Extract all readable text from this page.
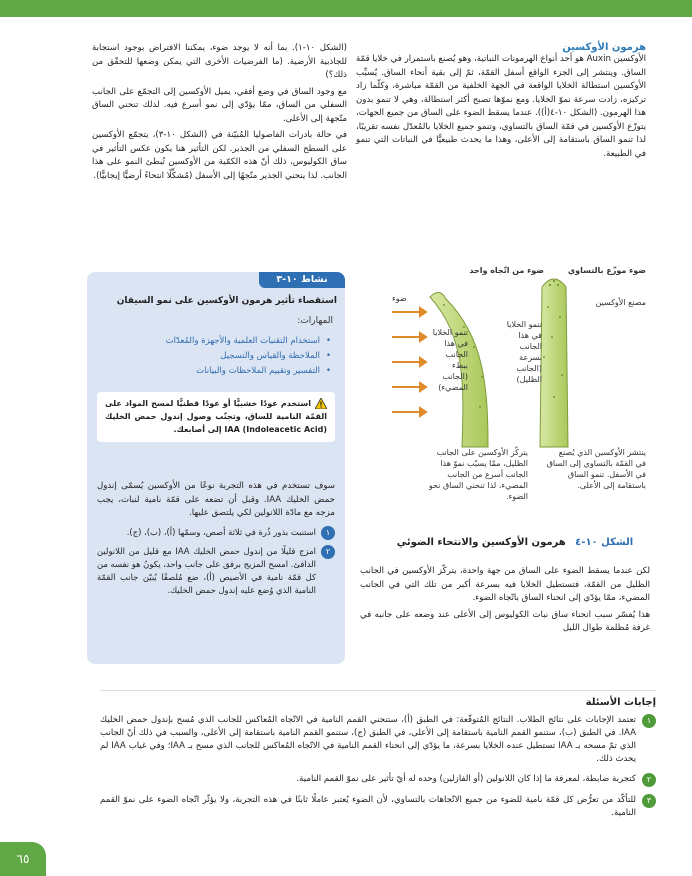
هرمون الأوكسين

الأوكسين Auxin هو أحد أنواع الهرمونات النباتية، وهو يُصنع باستمرار في خلايا قمّة الساق. وينتشر إلى الجزء الواقع أسفل القمّة، ثمّ إلى بقية أنحاء الساق. يُسبِّب الأوكسين استطالة الخلايا الواقعة في الجهة الخلفية من القمّة مباشرة، وكلّما زاد تركيزه، زادت سرعة نموّ الخلايا. ومع نموّها تصبح أكثر استطالة، وهي لا تنمو بدون هذا الهرمون. (الشكل ١٠-٤(أ)). عندما يسقط الضوء على الساق من جميع الجهات، يتوزّع الأوكسين في قمّة الساق بالتساوي، وتنمو جميع الخلايا بالمُعدّل نفسه تقريبًا، لذا تنمو الساق باستقامة إلى الأعلى، وهذا ما يحدث طبيعيًّا في النباتات التي تنمو في الطبيعة.

(الشكل ١٠-١). بما أنه لا يوجد ضوء، يمكننا الافتراض بوجود استجابة للجاذبية الأرضية. (ما الفرضيات الأخرى التي يمكن وضعها للتحقّق من ذلك؟)

مع وجود الساق في وضع أفقي، يميل الأوكسين إلى التجمّع على الجانب السفلي من الساق، ممّا يؤدّي إلى نمو أسرع فيه. لذلك تنحني الساق متّجهة إلى الأعلى.

في حالة بادرات الفاصوليا المُبيّنة في (الشكل ١٠-٣)، يتجمّع الأوكسين على السطح السفلي من الجذير. لكن التأثير هنا يكون عكس التأثير في ساق الكوليوس، ذلك أنّ هذه الكمّية من الأوكسين تُبطئ النمو على هذا الجانب. لذا ينحني الجذير متّجهًا إلى الأسفل (مُشكِّلًا انتحاءً أرضيًّا إيجابيًّا).

نشاط ١٠-٣
استقصاء تأثير هرمون الأوكسين على نمو السيقان
المهارات:
• استخدام التقنيات العلمية والأجهزة والمُعدّات
• الملاحظة والقياس والتسجيل
• التفسير وتقييم الملاحظات والبيانات
استخدم عودًا خشبيًّا أو عودًا قطنيًّا لمسح المواد على القمّة النامية للساق، وتجنّب وصول إندول حمض الخليك (Indoleacetic Acid) IAA إلى أصابعك.

سوف تستخدم في هذه التجربة نوعًا من الأوكسين يُسمّى إندول حمض الخليك IAA. وقبل أن تضعه على قمّة نامية لنبات، يجب مزجه مع مادّة اللانولين لكي يلتصق عليها.

١
استنبت بذور ذُرة في ثلاثة أصص، وسمّها (أ)، (ب)، (ج).
٢
امزج قليلًا من إندول حمض الخليك IAA مع قليل من اللانولين الدافئ. امسح المزيج برفق على جانب واحد، يكونُ هو نفسه من كل قمّة نامية في الأصيص (أ)، ضع مُلصقًا يُبيّن جانب القمّة النامية الذي وُضع عليه إندول حمض الخليك.
ضوء موزّع بالتساوي
ضوء من اتّجاه واحد
ضوء	مصنع الأوكسين
تنمو الخلايا في هذا الجانب بسرعة (الجانب الظليل)
تنمو الخلايا في هذا الجانب ببطء (الجانب المضيء)
ينتشر الأوكسين الذي يُصنع في القمّة بالتساوي إلى الساق في الأسفل. تنمو الساق باستقامة إلى الأعلى.
يتركّز الأوكسين على الجانب الظليل، ممّا يسبّب نموّ هذا الجانب أسرع من الجانب المضيء، لذا تنحني الساق نحو الضوء.
الشكل ١٠-٤ هرمون الأوكسين والانتحاء الضوئي

لكن عندما يسقط الضوء على الساق من جهة واحدة، يتركّز الأوكسين في الجانب الظليل من القمّة، فتستطيل الخلايا فيه بسرعة أكبر من تلك التي في الجانب المضيء، ممّا يؤدّي إلى انحناء الساق باتّجاه الضوء.

هذا يُفسّر سبب انحناء ساق نبات الكوليوس إلى الأعلى عند وضعه على جانبه في غرفة مُظلمة طوال الليل

إجابات الأسئلة
١
تعتمد الإجابات على نتائج الطلاب. النتائج المُتوقّعة: في الطبق (أ)، ستنحني القمم النامية في الاتّجاه المُعاكس للجانب الذي مُسح بإندول حمض الخليك IAA. في الطبق (ب)، ستنمو القمم النامية باستقامة إلى الأعلى، في الطبق (ج)، ستنمو القمم النامية باستقامة إلى الأعلى، والسبب في ذلك أنّ الجانب الذي تمّ مسحه بـ IAA تستطيل عنده الخلايا بسرعة، ما يؤدّي إلى انحناء القمم النامية في الاتّجاه المُعاكس للجانب الذي مسح بـ IAA؛ وفي غياب IAA لم يحدث ذلك.
٢
كتجربة ضابطة، لمعرفة ما إذا كان اللانولين (أو الفازلين) وحده له أيّ تأثير على نموّ القمم النامية.
٣
للتأكّد من تعرُّض كل قمّة نامية للضوء من جميع الاتّجاهات بالتساوي، لأن الضوء يُعتبر عاملًا ثابتًا في هذه التجربة، ولا يؤثّر اتّجاه الضوء على نموّ القمم النامية.
٦٥
